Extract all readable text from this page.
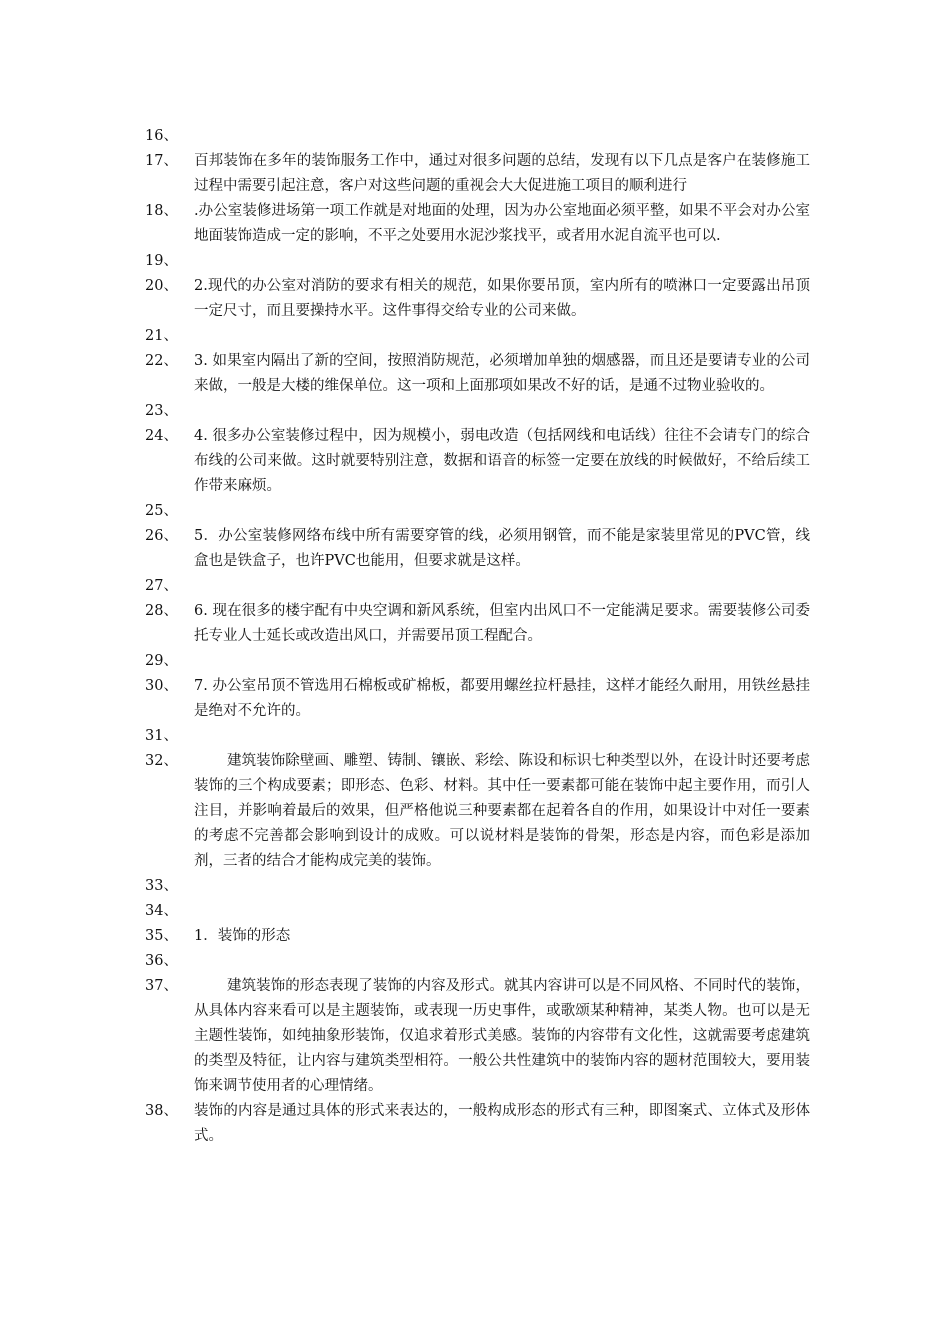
16、
17、	百邦装饰在多年的装饰服务工作中，通过对很多问题的总结，发现有以下几点是客户在装修施工过程中需要引起注意，客户对这些问题的重视会大大促进施工项目的顺利进行
18、	.办公室装修进场第一项工作就是对地面的处理，因为办公室地面必须平整，如果不平会对办公室地面装饰造成一定的影响，不平之处要用水泥沙浆找平，或者用水泥自流平也可以.
19、
20、	2.现代的办公室对消防的要求有相关的规范，如果你要吊顶，室内所有的喷淋口一定要露出吊顶一定尺寸，而且要操持水平。这件事得交给专业的公司来做。
21、
22、	3. 如果室内隔出了新的空间，按照消防规范，必须增加单独的烟感器，而且还是要请专业的公司来做，一般是大楼的维保单位。这一项和上面那项如果改不好的话，是通不过物业验收的。
23、
24、	4. 很多办公室装修过程中，因为规模小，弱电改造（包括网线和电话线）往往不会请专门的综合布线的公司来做。这时就要特别注意，数据和语音的标签一定要在放线的时候做好，不给后续工作带来麻烦。
25、
26、	5．办公室装修网络布线中所有需要穿管的线，必须用钢管，而不能是家装里常见的PVC管，线盒也是铁盒子，也许PVC也能用，但要求就是这样。
27、
28、	6. 现在很多的楼宇配有中央空调和新风系统，但室内出风口不一定能满足要求。需要装修公司委托专业人士延长或改造出风口，并需要吊顶工程配合。
29、
30、	7. 办公室吊顶不管选用石棉板或矿棉板，都要用螺丝拉杆悬挂，这样才能经久耐用，用铁丝悬挂是绝对不允许的。
31、
32、	建筑装饰除壁画、雕塑、铸制、镶嵌、彩绘、陈设和标识七种类型以外，在设计时还要考虑装饰的三个构成要素；即形态、色彩、材料。其中任一要素都可能在装饰中起主要作用，而引人注目，并影响着最后的效果，但严格他说三种要素都在起着各自的作用，如果设计中对任一要素的考虑不完善都会影响到设计的成败。可以说材料是装饰的骨架，形态是内容，而色彩是添加剂，三者的结合才能构成完美的装饰。
33、
34、
35、	1．装饰的形态
36、
37、	建筑装饰的形态表现了装饰的内容及形式。就其内容讲可以是不同风格、不同时代的装饰，从具体内容来看可以是主题装饰，或表现一历史事件，或歌颂某种精神，某类人物。也可以是无主题性装饰，如纯抽象形装饰，仅追求着形式美感。装饰的内容带有文化性，这就需要考虑建筑的类型及特征，让内容与建筑类型相符。一般公共性建筑中的装饰内容的题材范围较大，要用装饰来调节使用者的心理情绪。
38、	装饰的内容是通过具体的形式来表达的，一般构成形态的形式有三种，即图案式、立体式及形体式。
